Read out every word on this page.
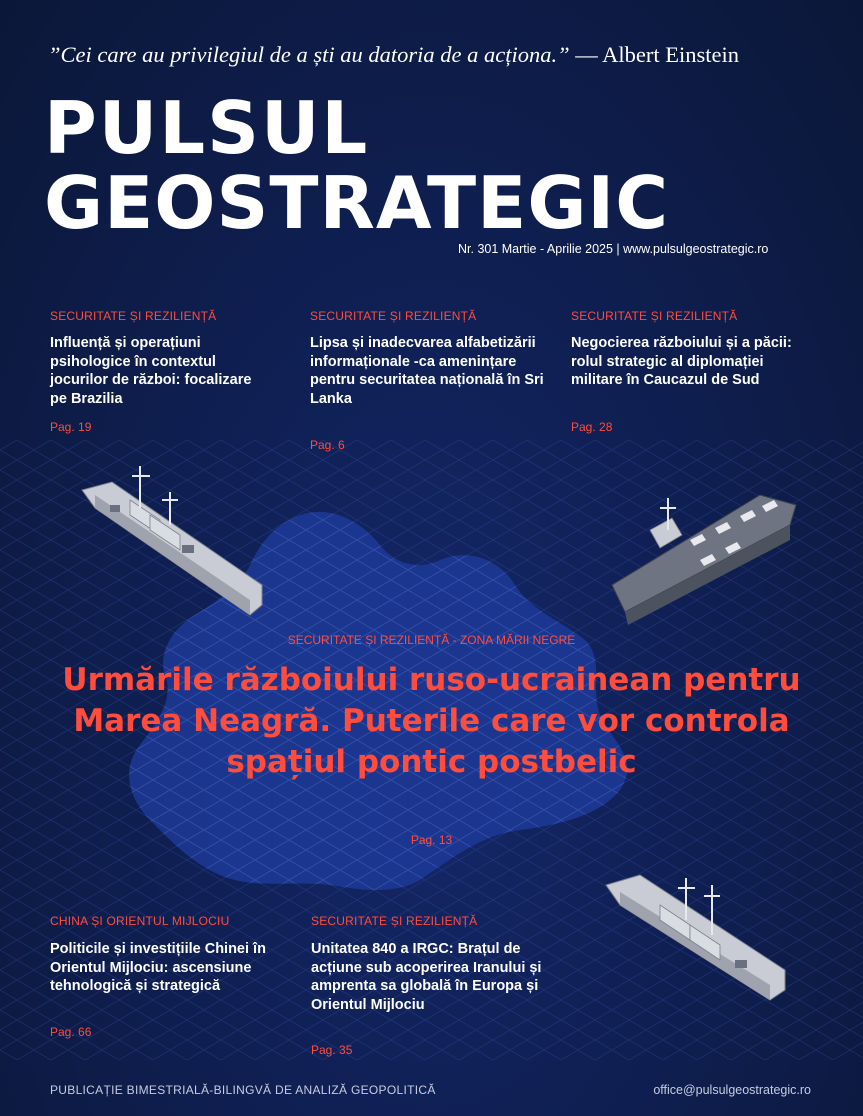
”Cei care au privilegiul de a ști au datoria de a acționa.” — Albert Einstein
PULSUL
GEOSTRATEGIC
Nr. 301 Martie - Aprilie 2025 | www.pulsulgeostrategic.ro
SECURITATE ȘI REZILIENȚĂ
Influență și operațiuni psihologice în contextul jocurilor de război: focalizare pe Brazilia
Pag. 19
SECURITATE ȘI REZILIENȚĂ
Lipsa și inadecvarea alfabetizării informaționale -ca amenințare pentru securitatea națională în Sri Lanka
Pag. 6
SECURITATE ȘI REZILIENȚĂ
Negocierea războiului și a păcii: rolul strategic al diplomației militare în Caucazul de Sud
Pag. 28
SECURITATE ȘI REZILIENȚĂ - ZONA MĂRII NEGRE
Urmările războiului ruso-ucrainean pentru Marea Neagră. Puterile care vor controla spațiul pontic postbelic
Pag. 13
CHINA ȘI ORIENTUL MIJLOCIU
Politicile și investițiile Chinei în Orientul Mijlociu: ascensiune tehnologică și strategică
Pag. 66
SECURITATE ȘI REZILIENȚĂ
Unitatea 840 a IRGC: Brațul de acțiune sub acoperirea Iranului și amprenta sa globală în Europa și Orientul Mijlociu
Pag. 35
PUBLICAȚIE BIMESTRIALĂ-BILINGVĂ DE ANALIZĂ GEOPOLITICĂ	office@pulsulgeostrategic.ro
